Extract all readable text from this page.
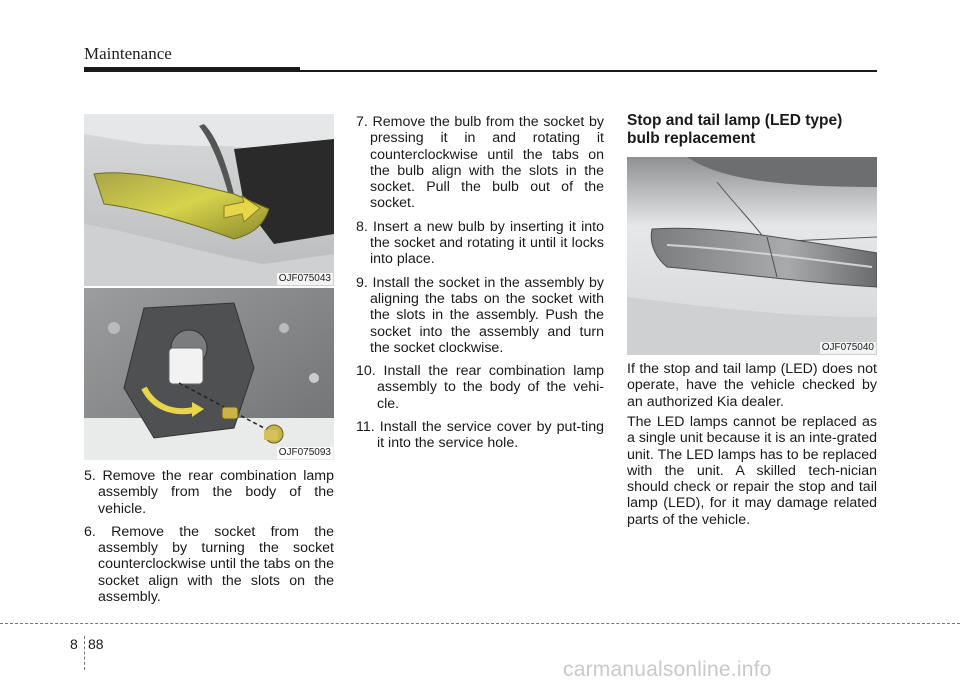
Maintenance
OJF075043
OJF075093
5. Remove the rear combination lamp assembly from the body of the vehicle.
6. Remove the socket from the assembly by turning the socket counterclockwise until the tabs on the socket align with the slots on the assembly.
7. Remove the bulb from the socket by pressing it in and rotating it counterclockwise until the tabs on the bulb align with the slots in the socket. Pull the bulb out of the socket.
8. Insert a new bulb by inserting it into the socket and rotating it until it locks into place.
9. Install the socket in the assembly by aligning the tabs on the socket with the slots in the assembly. Push the socket into the assembly and turn the socket clockwise.
10. Install the rear combination lamp assembly to the body of the vehi-cle.
11. Install the service cover by put-ting it into the service hole.
Stop and tail lamp (LED type) bulb replacement
OJF075040

If the stop and tail lamp (LED) does not operate, have the vehicle checked by an authorized Kia dealer.

The LED lamps cannot be replaced as a single unit because it is an inte-grated unit. The LED lamps has to be replaced with the unit. A skilled tech-nician should check or repair the stop and tail lamp (LED), for it may damage related parts of the vehicle.

8 88
carmanualsonline.info
